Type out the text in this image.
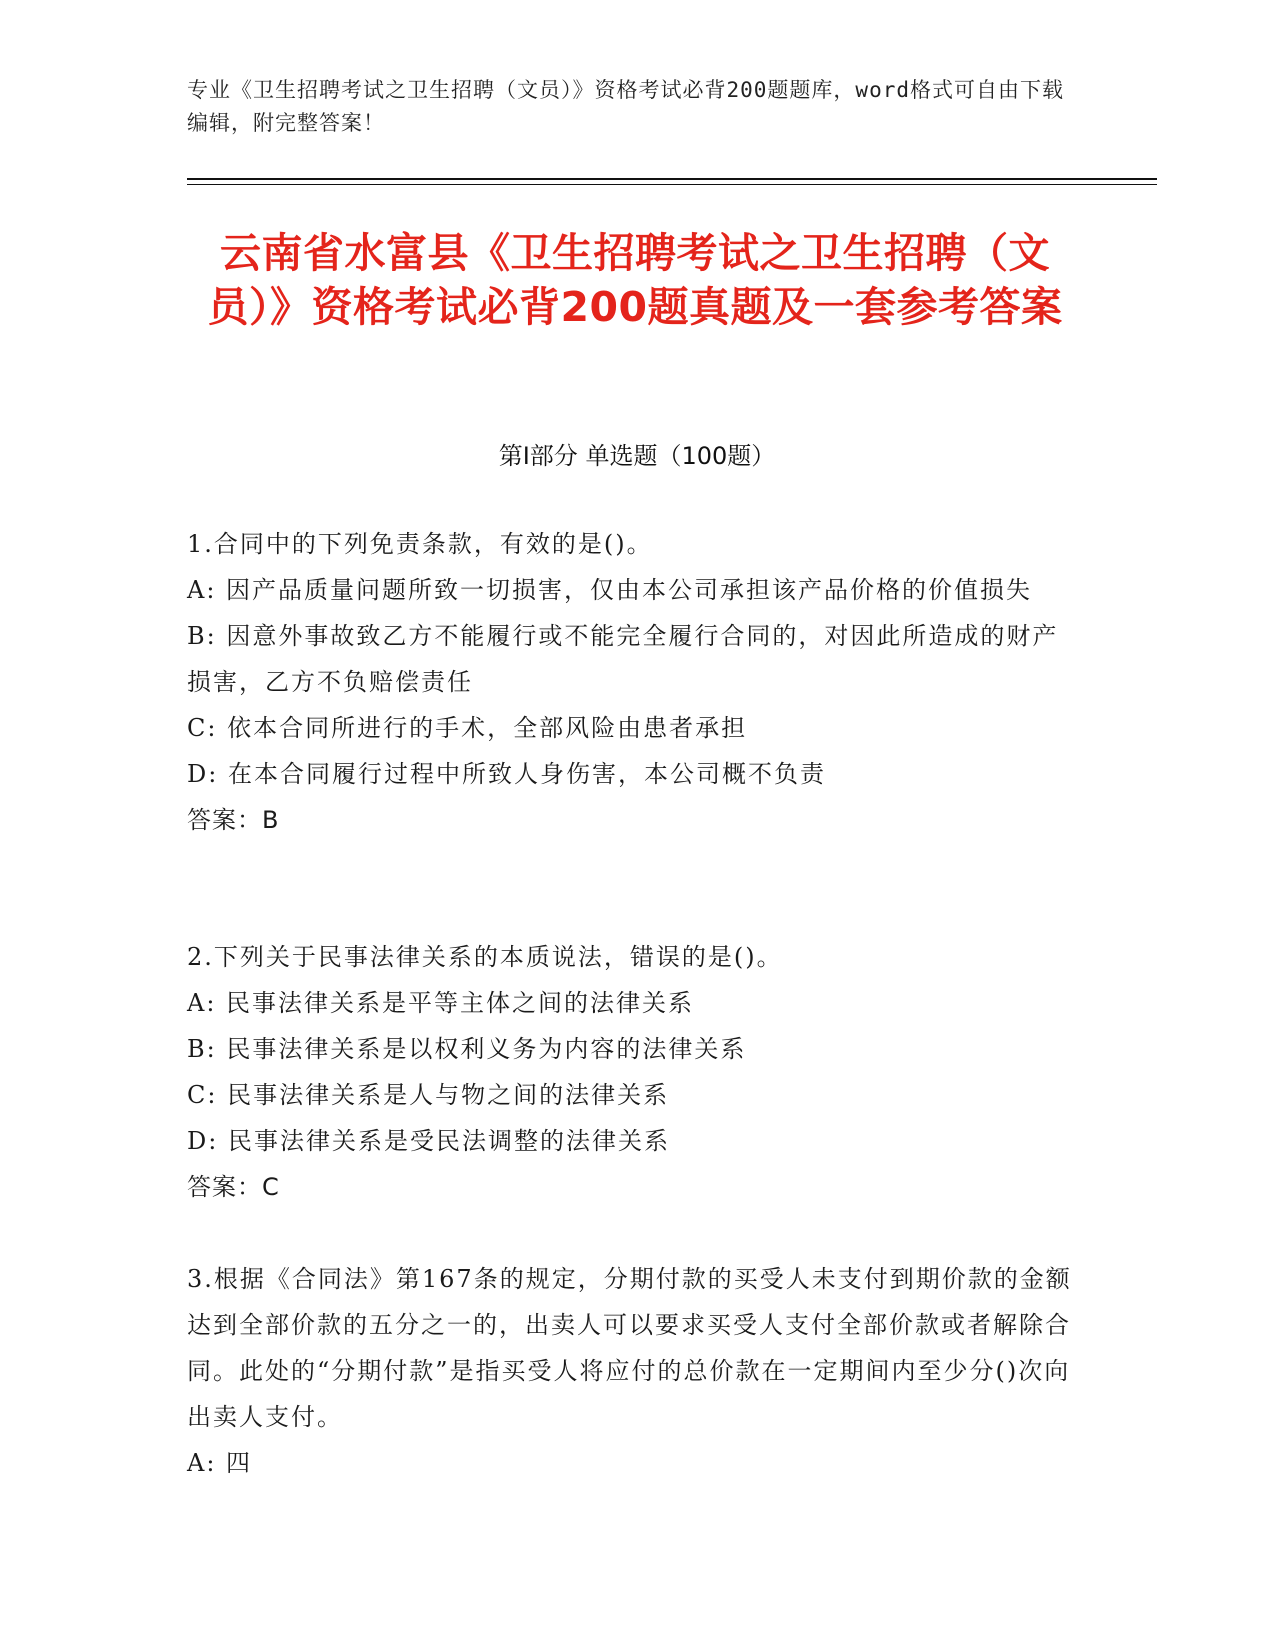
专业《卫生招聘考试之卫生招聘（文员）》资格考试必背200题题库，word格式可自由下载编辑，附完整答案！
云南省水富县《卫生招聘考试之卫生招聘（文员）》资格考试必背200题真题及一套参考答案
第I部分 单选题（100题）

1.合同中的下列免责条款，有效的是()。

A: 因产品质量问题所致一切损害，仅由本公司承担该产品价格的价值损失

B: 因意外事故致乙方不能履行或不能完全履行合同的，对因此所造成的财产损害，乙方不负赔偿责任

C: 依本合同所进行的手术，全部风险由患者承担

D: 在本合同履行过程中所致人身伤害，本公司概不负责

答案：B

2.下列关于民事法律关系的本质说法，错误的是()。

A: 民事法律关系是平等主体之间的法律关系

B: 民事法律关系是以权利义务为内容的法律关系

C: 民事法律关系是人与物之间的法律关系

D: 民事法律关系是受民法调整的法律关系

答案：C

3.根据《合同法》第167条的规定，分期付款的买受人未支付到期价款的金额达到全部价款的五分之一的，出卖人可以要求买受人支付全部价款或者解除合同。此处的“分期付款”是指买受人将应付的总价款在一定期间内至少分()次向出卖人支付。

A: 四
